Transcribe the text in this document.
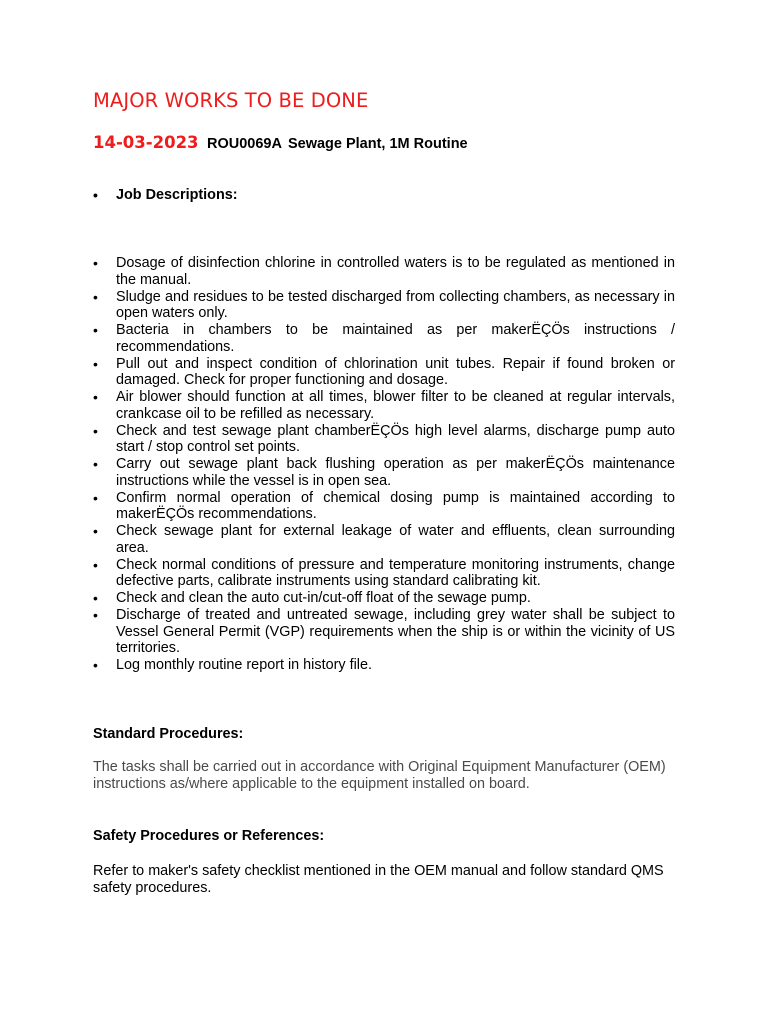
MAJOR WORKS TO BE DONE

14-03-2023 ROU0069A Sewage Plant, 1M Routine

•	Job Descriptions:
• Dosage of disinfection chlorine in controlled waters is to be regulated as mentioned in the manual.
• Sludge and residues to be tested discharged from collecting chambers, as necessary in open waters only.
• Bacteria in chambers to be maintained as per makerËÇÖs instructions / recommendations.
• Pull out and inspect condition of chlorination unit tubes. Repair if found broken or damaged. Check for proper functioning and dosage.
• Air blower should function at all times, blower filter to be cleaned at regular intervals, crankcase oil to be refilled as necessary.
• Check and test sewage plant chamberËÇÖs high level alarms, discharge pump auto start / stop control set points.
• Carry out sewage plant back flushing operation as per makerËÇÖs maintenance instructions while the vessel is in open sea.
• Confirm normal operation of chemical dosing pump is maintained according to makerËÇÖs recommendations.
• Check sewage plant for external leakage of water and effluents, clean surrounding area.
• Check normal conditions of pressure and temperature monitoring instruments, change defective parts, calibrate instruments using standard calibrating kit.
• Check and clean the auto cut-in/cut-off float of the sewage pump.
• Discharge of treated and untreated sewage, including grey water shall be subject to Vessel General Permit (VGP) requirements when the ship is or within the vicinity of US territories.
• Log monthly routine report in history file.
Standard Procedures:

The tasks shall be carried out in accordance with Original Equipment Manufacturer (OEM) instructions as/where applicable to the equipment installed on board.

Safety Procedures or References:

Refer to maker's safety checklist mentioned in the OEM manual and follow standard QMS safety procedures.
